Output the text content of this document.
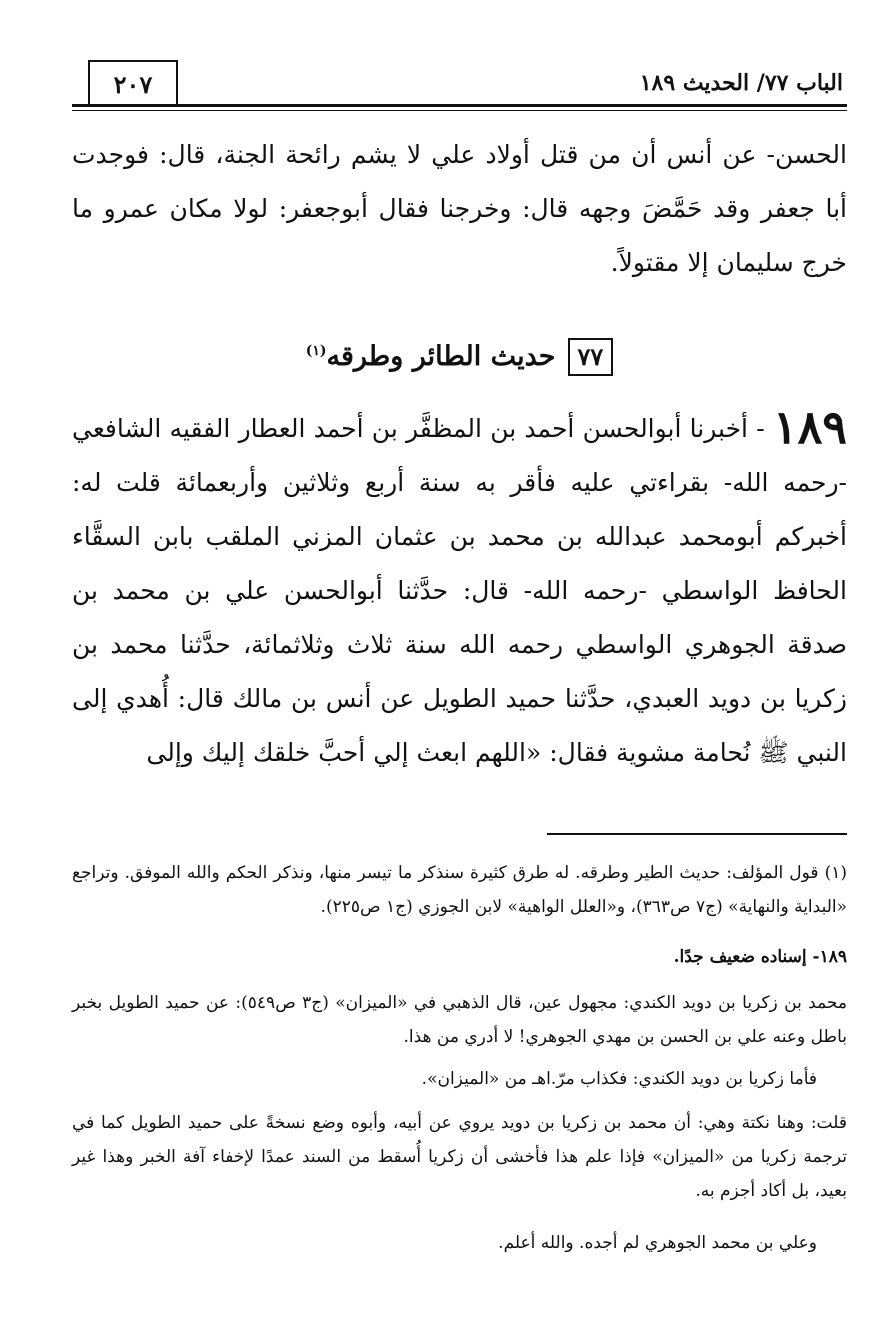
الباب ٧٧/ الحديث ١٨٩
٢٠٧

الحسن- عن أنس أن من قتل أولاد علي لا يشم رائحة الجنة، قال: فوجدت أبا جعفر وقد حَمَّضَ وجهه قال: وخرجنا فقال أبوجعفر: لولا مكان عمرو ما خرج سليمان إلا مقتولاً.

٧٧حديث الطائر وطرقه$^{(١)}$

١٨٩ - أخبرنا أبوالحسن أحمد بن المظفَّر بن أحمد العطار الفقيه الشافعي -رحمه الله- بقراءتي عليه فأقر به سنة أربع وثلاثين وأربعمائة قلت له: أخبركم أبومحمد عبدالله بن محمد بن عثمان المزني الملقب بابن السقَّاء الحافظ الواسطي -رحمه الله- قال: حدَّثنا أبوالحسن علي بن محمد بن صدقة الجوهري الواسطي رحمه الله سنة ثلاث وثلاثمائة، حدَّثنا محمد بن زكريا بن دويد العبدي، حدَّثنا حميد الطويل عن أنس بن مالك قال: أُهدي إلى النبي ﷺ نُحامة مشوية فقال: «اللهم ابعث إلي أحبَّ خلقك إليك وإلى

(١) قول المؤلف: حديث الطير وطرقه. له طرق كثيرة سنذكر ما تيسر منها، ونذكر الحكم والله الموفق. وتراجع «البداية والنهاية» (ج٧ ص٣٦٣)، و«العلل الواهية» لابن الجوزي (ج١ ص٢٢٥).

١٨٩- إسناده ضعيف جدًا.

محمد بن زكريا بن دويد الكندي: مجهول عين، قال الذهبي في «الميزان» (ج٣ ص٥٤٩): عن حميد الطويل بخبر باطل وعنه علي بن الحسن بن مهدي الجوهري! لا أدري من هذا.

فأما زكريا بن دويد الكندي: فكذاب مرّ.اهـ من «الميزان».

قلت: وهنا نكتة وهي: أن محمد بن زكريا بن دويد يروي عن أبيه، وأبوه وضع نسخةً على حميد الطويل كما في ترجمة زكريا من «الميزان» فإذا علم هذا فأخشى أن زكريا أُسقط من السند عمدًا لإخفاء آفة الخبر وهذا غير بعيد، بل أكاد أجزم به.

وعلي بن محمد الجوهري لم أجده. والله أعلم.
